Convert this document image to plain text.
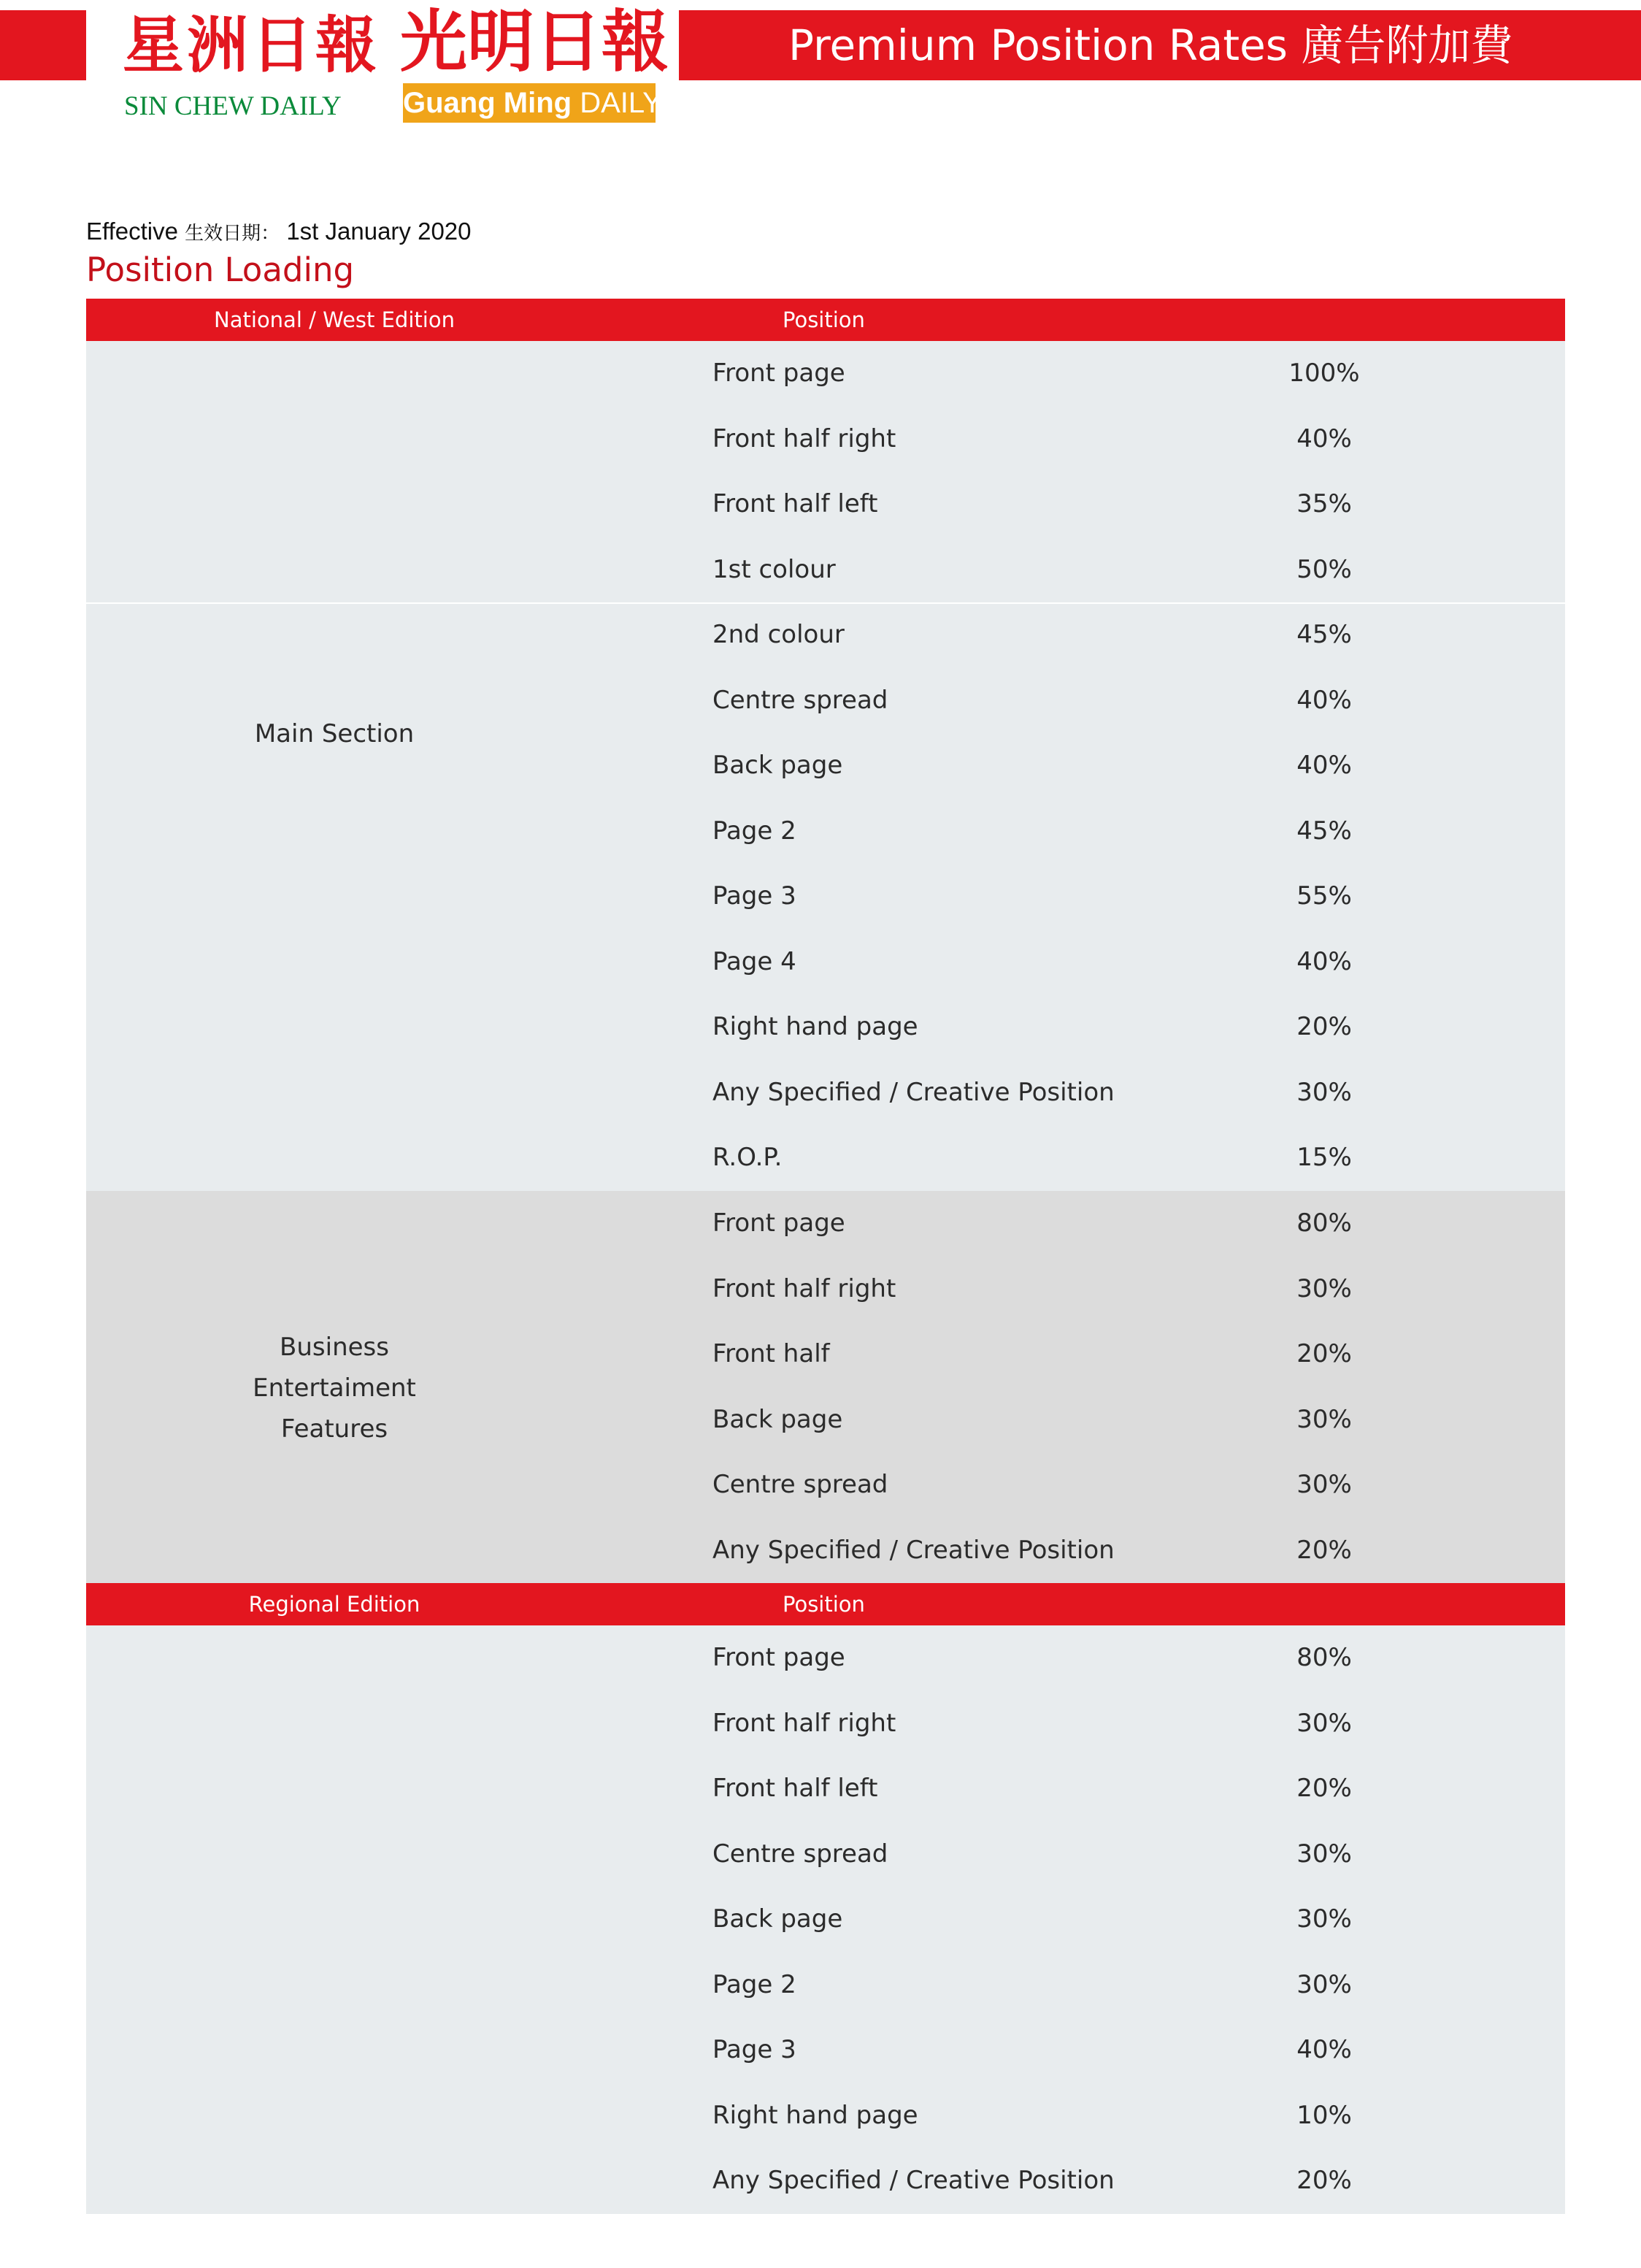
星洲日報
SIN CHEW DAILY
光明日報
Guang Ming DAILY
Premium Position Rates 廣告附加費
Effective 生效日期： 1st January 2020
Position Loading
National / West Edition	Position
Front page	100%
Front half right	40%
Front half left	35%
1st colour	50%
Main Section
2nd colour	45%
Centre spread	40%
Back page	40%
Page 2	45%
Page 3	55%
Page 4	40%
Right hand page	20%
Any Specified / Creative Position	30%
R.O.P.	15%
Business
Entertaiment
Features
Front page	80%
Front half right	30%
Front half	20%
Back page	30%
Centre spread	30%
Any Specified / Creative Position	20%
Regional Edition	Position
Front page	80%
Front half right	30%
Front half left	20%
Centre spread	30%
Back page	30%
Page 2	30%
Page 3	40%
Right hand page	10%
Any Specified / Creative Position	20%
